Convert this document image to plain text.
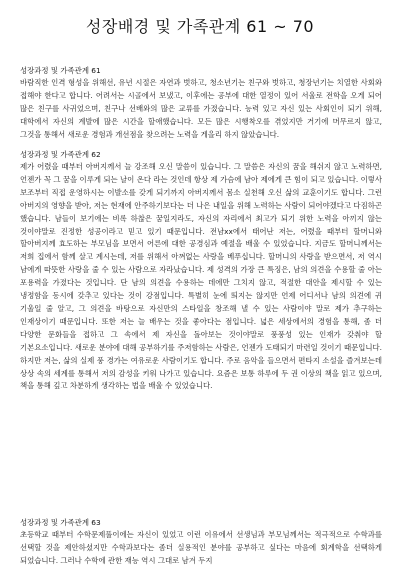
성장배경 및 가족관계 61 ~ 70

성장과정 및 가족관계 61

바람직한 인격 형성을 위해선, 유년 시절은 자연과 벗하고, 청소년기는 친구와 벗하고, 청장년기는 치열한 사회와 접해야 한다고 합니다. 어려서는 시골에서 보냈고, 이후에는 공부에 대한 열정이 있어 서울로 전학을 오게 되어 많은 친구를 사귀었으며, 친구나 선배와의 많은 교류를 가졌습니다. 능력 있고 자신 있는 사회인이 되기 위해, 대학에서 자신의 계발에 많은 시간을 할애했습니다. 모든 많은 시행착오를 겪었지만 거기에 머무르지 않고, 그것을 통해서 새로운 경험과 개선점을 찾으려는 노력을 게을리 하지 않았습니다.

성장과정 및 가족관계 62

제가 어렸을 때부터 아버지께서 늘 강조해 오신 말씀이 있습니다. 그 말씀은 자신의 꿈을 해쉬지 않고 노력하면, 언젠가 꼭 그 꿈을 이루게 되는 날이 온다 라는 것인데 항상 제 가슴에 남아 제에게 큰 힘이 되고 있습니다. 이렇사 보조부터 직접 운영하시는 이발소를 갖게 되기까지 아버지께서 몸소 실천해 오신 삶의 교훈이기도 합니다. 그런 아버지의 영향을 받아, 저는 현재에 안주하기보다는 더 나은 내일을 위해 노력하는 사람이 되어야겠다고 다짐하곤 했습니다. 남들이 보기에는 비록 하찮은 꿈일지라도, 자신의 자리에서 최고가 되기 위한 노력을 아끼지 않는 것이야말로 진정한 성공이라고 믿고 있기 때문입니다. 전남xx에서 태어난 저는, 어렸을 때부터 할머니와 할아버지께 효도하는 부모님을 보면서 어른에 대한 공경심과 예절을 배울 수 있었습니다. 지금도 할머니께서는 저희 집에서 함께 살고 계시는데, 저를 위해서 아껴없는 사랑을 베푸십니다. 할머니의 사랑을 받으면서, 저 역시 남에게 따뜻한 사랑을 줄 수 있는 사람으로 자라났습니다. 제 성격의 가장 큰 특징은, 남의 의견을 수용할 줄 아는 포용력을 가졌다는 것입니다. 단 남의 의견을 수용하는 데에만 그치지 않고, 적절한 대안을 제시할 수 있는 냉정함을 동시에 갖추고 있다는 것이 강점입니다. 특별히 눈에 띄지는 않지만 언제 어디서나 남의 의견에 귀 기울일 줄 알고, 그 의견을 바탕으로 자신만의 스타일을 창조해 낼 수 있는 사람이야 말로 제가 추구하는 인재상이기 때문입니다. 또한 저는 늘 배우는 것을 좋아다는 점입니다. 넓은 세상에서의 경험을 통해, 좀 더 다양한 문화들을 접하고 그 속에서 제 자신을 돌아보는 것이야말로 풍풍성 있는 인재가 갖춰야 할 기본요소입니다. 새로운 분야에 대해 공부하기를 주저함하는 사람은, 언젠가 도태되기 마련일 것이기 때문입니다. 하지만 저는, 삶의 실제 풍 경가는 여유로운 사람이기도 합니다. 주로 음악을 들으면서 편타지 소설을 즐겨보는데 상상 속의 세계를 통해서 저의 감성을 키워 나가고 있습니다. 요즘은 보통 하루에 두 권 이상의 책을 읽고 있으며, 책을 통해 깊고 차분하게 생각하는 법을 배울 수 있었습니다.

성장과정 및 가족관계 63

초등학교 때부터 수학문제풀이에는 자신이 있었고 이런 이유에서 선생님과 부모님께서는 적극적으로 수학과를 선택할 것을 제안하셨지만 수학과보다는 좀더 실용적인 분야를 공부하고 싶다는 마음에 회계학을 선택하게 되었습니다. 그러나 수학에 관한 재능 역시 그대로 남겨 두지
